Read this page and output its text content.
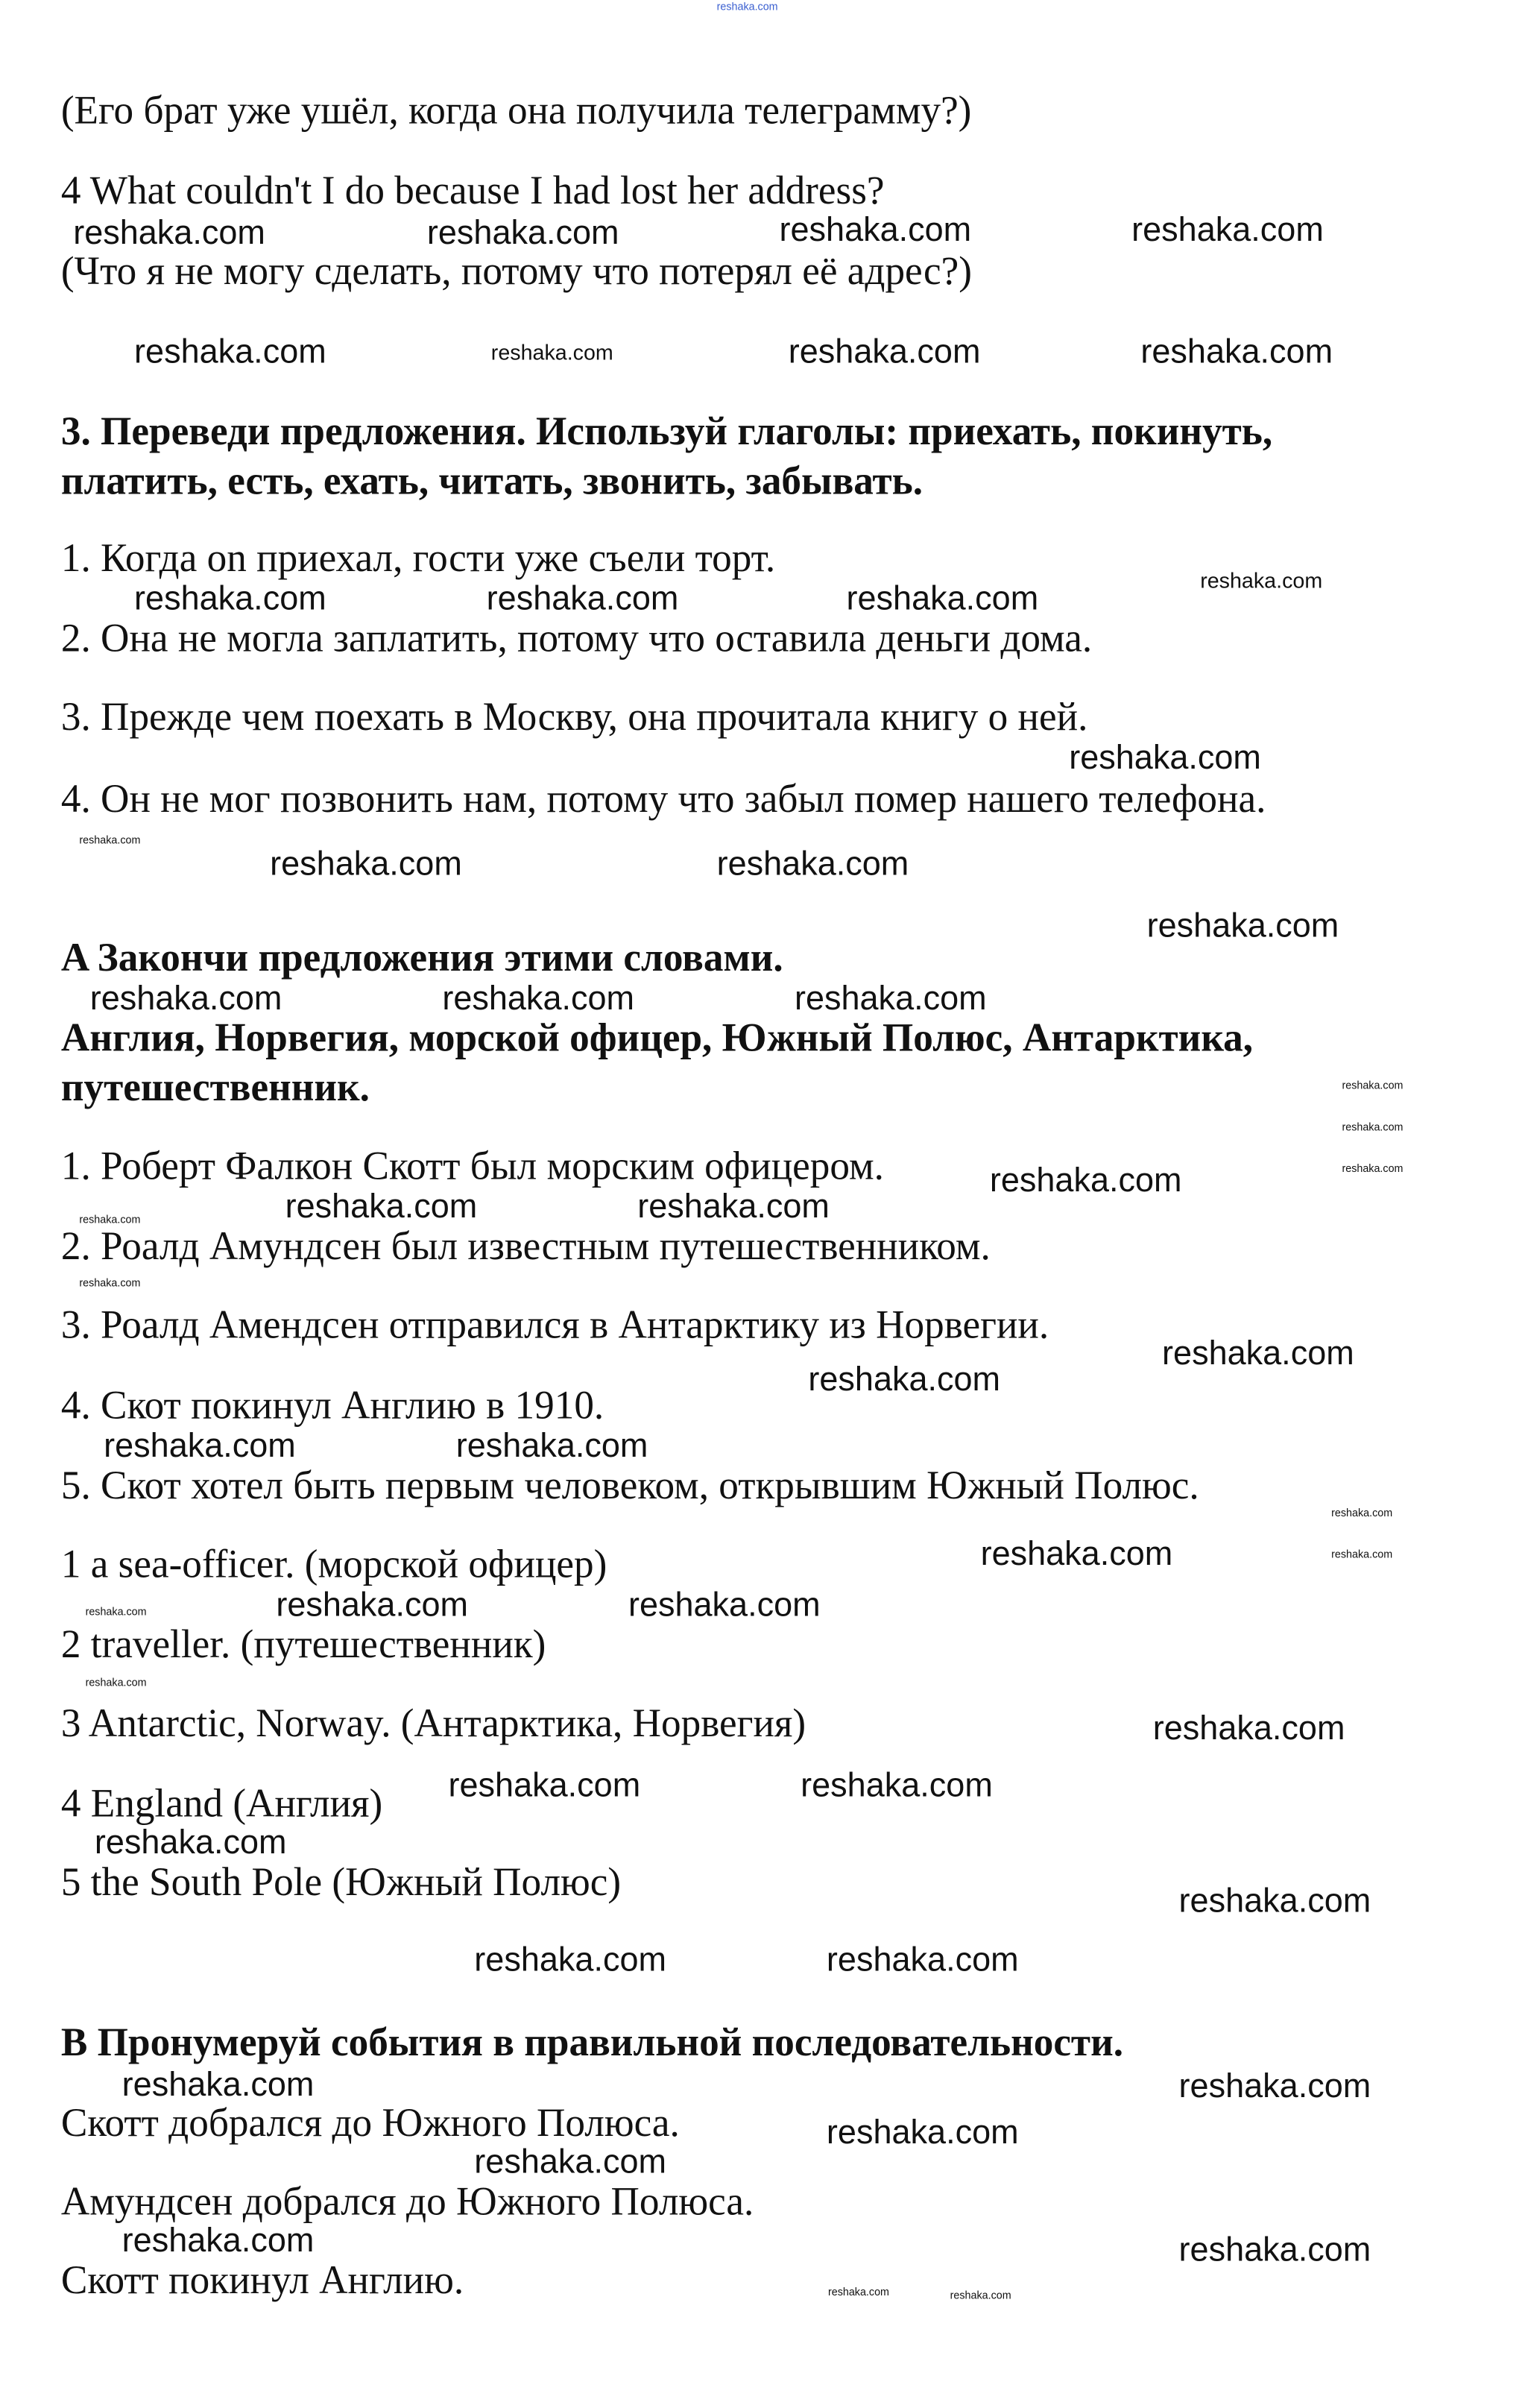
(Его брат уже ушёл, когда она получила телеграмму?)
4 What couldn't I do because I had lost her address?
(Что я не могу сделать, потому что потерял её адрес?)
3. Переведи предложения. Используй глаголы: приехать, покинуть,
платить, есть, ехать, читать, звонить, забывать.
1. Когда on приехал, гости уже съели торт.
2. Она не могла заплатить, потому что оставила деньги дома.
3. Прежде чем поехать в Москву, она прочитала книгу о ней.
4. Он не мог позвонить нам, потому что забыл помер нашего телефона.
A Закончи предложения этими словами.
Англия, Норвегия, морской офицер, Южный Полюс, Антарктика,
путешественник.
1. Роберт Фалкон Скотт был морским офицером.
2. Роалд Амундсен был известным путешественником.
3. Роалд Амендсен отправился в Антарктику из Норвегии.
4. Скот покинул Англию в 1910.
5. Скот хотел быть первым человеком, открывшим Южный Полюс.
1 a sea-officer. (морской офицер)
2 traveller. (путешественник)
3 Antarctic, Norway. (Антарктика, Норвегия)
4 England (Англия)
5 the South Pole (Южный Полюс)
B Пронумеруй события в правильной последовательности.
Скотт добрался до Южного Полюса.
Амундсен добрался до Южного Полюса.
Скотт покинул Англию.
reshaka.com
reshaka.com	reshaka.com	reshaka.com	reshaka.com
reshaka.com	reshaka.com	reshaka.com	reshaka.com
reshaka.com	reshaka.com
reshaka.com	reshaka.com
reshaka.com
reshaka.com
reshaka.com	reshaka.com
reshaka.com
reshaka.com	reshaka.com	reshaka.com
reshaka.com
reshaka.com
reshaka.com
reshaka.com
reshaka.com	reshaka.com
reshaka.com
reshaka.com
reshaka.com
reshaka.com
reshaka.com	reshaka.com
reshaka.com
reshaka.com
reshaka.com
reshaka.com	reshaka.com
reshaka.com
reshaka.com
reshaka.com
reshaka.com	reshaka.com
reshaka.com
reshaka.com
reshaka.com	reshaka.com
reshaka.com
reshaka.com
reshaka.com
reshaka.com
reshaka.com
reshaka.com
reshaka.com	reshaka.com
